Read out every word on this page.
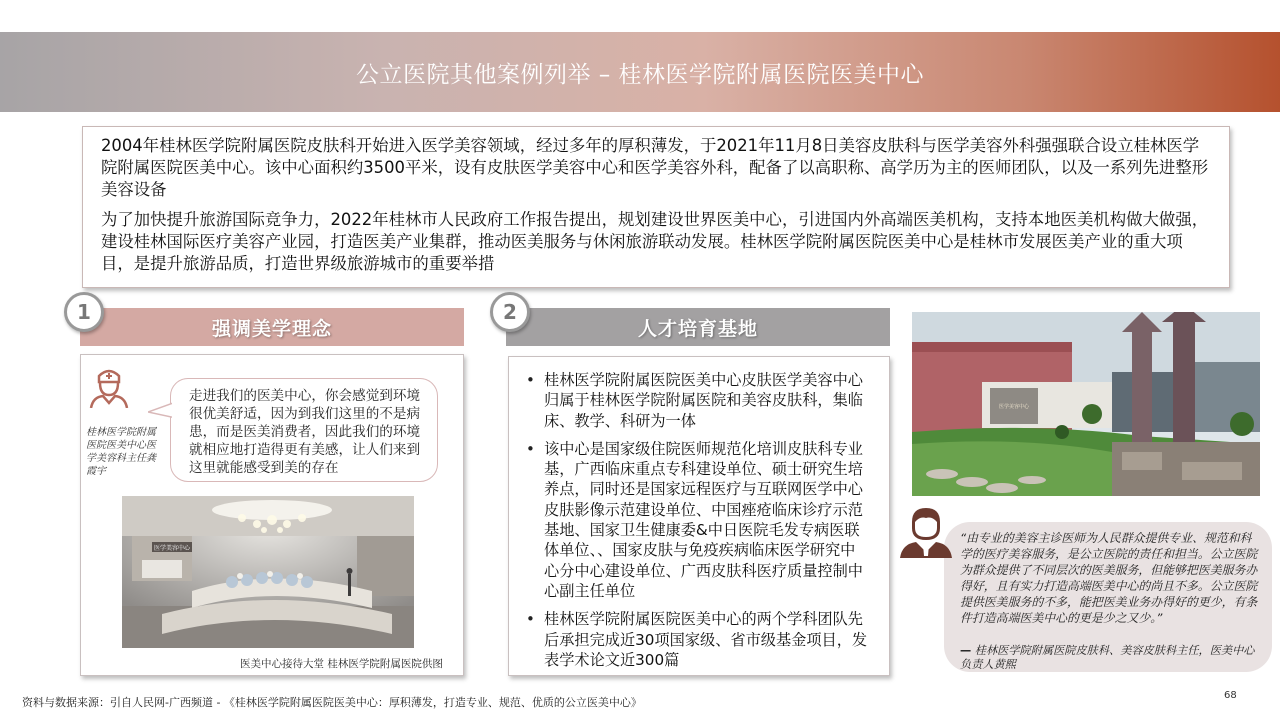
公立医院其他案例列举 – 桂林医学院附属医院医美中心

2004年桂林医学院附属医院皮肤科开始进入医学美容领域，经过多年的厚积薄发，于2021年11月8日美容皮肤科与医学美容外科强强联合设立桂林医学院附属医院医美中心。该中心面积约3500平米，设有皮肤医学美容中心和医学美容外科，配备了以高职称、高学历为主的医师团队，以及一系列先进整形美容设备

为了加快提升旅游国际竞争力，2022年桂林市人民政府工作报告提出，规划建设世界医美中心，引进国内外高端医美机构，支持本地医美机构做大做强，建设桂林国际医疗美容产业园，打造医美产业集群，推动医美服务与休闲旅游联动发展。桂林医学院附属医院医美中心是桂林市发展医美产业的重大项目，是提升旅游品质，打造世界级旅游城市的重要举措

强调美学理念
1
桂林医学院附属医院医美中心医学美容科主任龚霞宇
走进我们的医美中心，你会感觉到环境很优美舒适，因为到我们这里的不是病患，而是医美消费者，因此我们的环境就相应地打造得更有美感，让人们来到这里就能感受到美的存在
医学美容中心
医美中心接待大堂 桂林医学院附属医院供图
人才培育基地
2
• 桂林医学院附属医院医美中心皮肤医学美容中心归属于桂林医学院附属医院和美容皮肤科，集临床、教学、科研为一体
• 该中心是国家级住院医师规范化培训皮肤科专业基，广西临床重点专科建设单位、硕士研究生培养点，同时还是国家远程医疗与互联网医学中心皮肤影像示范建设单位、中国痤疮临床诊疗示范基地、国家卫生健康委&中日医院毛发专病医联体单位、、国家皮肤与免疫疾病临床医学研究中心分中心建设单位、广西皮肤科医疗质量控制中心副主任单位
• 桂林医学院附属医院医美中心的两个学科团队先后承担完成近30项国家级、省市级基金项目，发表学术论文近300篇
医学美容中心
“由专业的美容主诊医师为人民群众提供专业、规范和科学的医疗美容服务，是公立医院的责任和担当。公立医院为群众提供了不同层次的医美服务，但能够把医美服务办得好，且有实力打造高端医美中心的尚且不多。公立医院提供医美服务的不多，能把医美业务办得好的更少，有条件打造高端医美中心的更是少之又少。”
— 桂林医学院附属医院皮肤科、美容皮肤科主任，医美中心负责人黄熙
资料与数据来源：引自人民网-广西频道 - 《桂林医学院附属医院医美中心：厚积薄发，打造专业、规范、优质的公立医美中心》
68
